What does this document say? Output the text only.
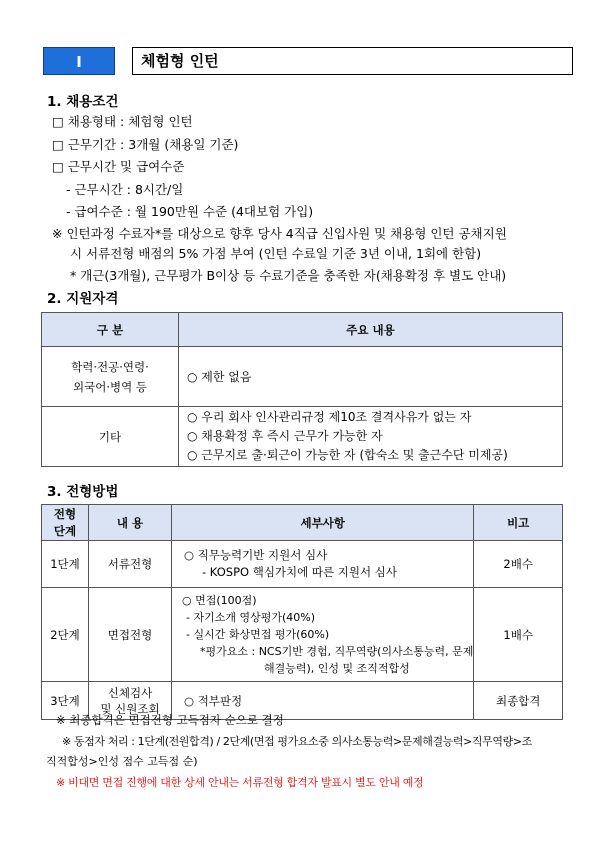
Ⅰ	체험형 인턴
1. 채용조건
□ 채용형태 : 체험형 인턴
□ 근무기간 : 3개월 (채용일 기준)
□ 근무시간 및 급여수준
- 근무시간 : 8시간/일
- 급여수준 : 월 190만원 수준 (4대보험 가입)
※ 인턴과정 수료자*를 대상으로 향후 당사 4직급 신입사원 및 채용형 인턴 공채지원
시 서류전형 배점의 5% 가점 부여 (인턴 수료일 기준 3년 이내, 1회에 한함)
* 개근(3개월), 근무평가 B이상 등 수료기준을 충족한 자(채용확정 후 별도 안내)
2. 지원자격
구 분	주요 내용

학력·전공·연령·
외국어·병역 등	○ 제한 없음
기타	○ 우리 회사 인사관리규정 제10조 결격사유가 없는 자
○ 채용확정 후 즉시 근무가 가능한 자
○ 근무지로 출·퇴근이 가능한 자 (합숙소 및 출근수단 미제공)
3. 전형방법
전형
단계	내 용	세부사항	비고
1단계	서류전형	○ 직무능력기반 지원서 심사
- KOSPO 핵심가치에 따른 지원서 심사	2배수
2단계	면접전형	○ 면접(100점)
- 자기소개 영상평가(40%)
- 실시간 화상면접 평가(60%)
*평가요소 : NCS기반 경험, 직무역량(의사소통능력, 문제
해결능력), 인성 및 조직적합성	1배수
3단계	신체검사
및 신원조회	○ 적부판정	최종합격
※ 최종합격은 면접전형 고득점자 순으로 결정
※ 동점자 처리 : 1단계(전원합격) / 2단계(면접 평가요소중 의사소통능력>문제해결능력>직무역량>조
직적합성>인성 점수 고득점 순)
※ 비대면 면접 진행에 대한 상세 안내는 서류전형 합격자 발표시 별도 안내 예정
